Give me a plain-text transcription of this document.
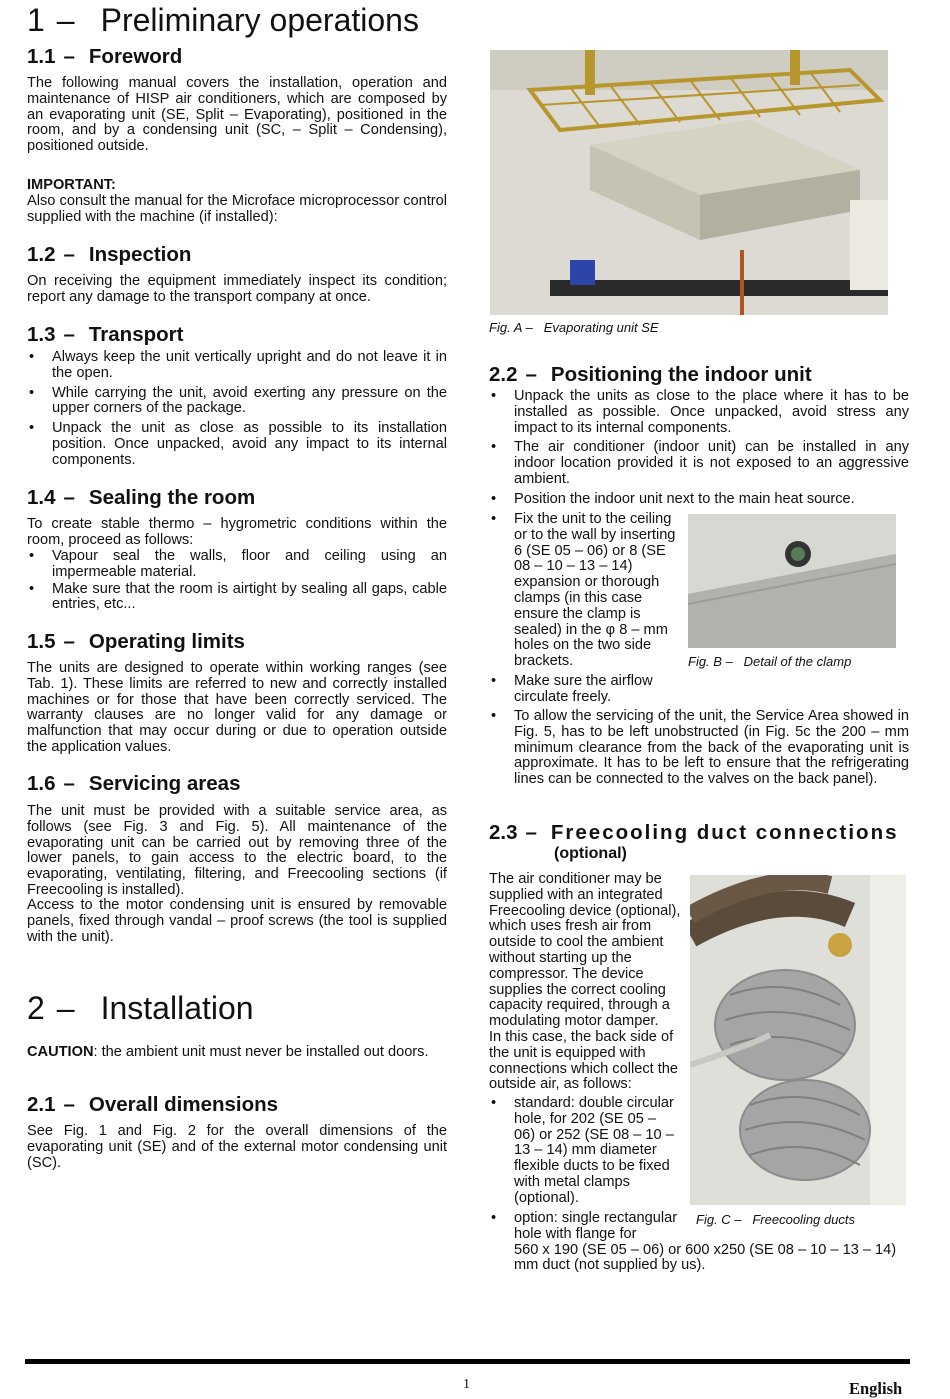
1 – Preliminary operations
1.1 – Foreword

The following manual covers the installation, operation and maintenance of HISP air conditioners, which are composed by an evaporating unit (SE, Split – Evaporating), positioned in the room, and by a condensing unit (SC, – Split – Condensing), positioned outside.

IMPORTANT:
Also consult the manual for the Microface microprocessor control supplied with the machine (if installed):
1.2 – Inspection

On receiving the equipment immediately inspect its condition; report any damage to the transport company at once.

1.3 – Transport
• Always keep the unit vertically upright and do not leave it in the open.
• While carrying the unit, avoid exerting any pressure on the upper corners of the package.
• Unpack the unit as close as possible to its installation position. Once unpacked, avoid any impact to its internal components.
1.4 – Sealing the room

To create stable thermo – hygrometric conditions within the room, proceed as follows:

• Vapour seal the walls, floor and ceiling using an impermeable material.
• Make sure that the room is airtight by sealing all gaps, cable entries, etc...
1.5 – Operating limits

The units are designed to operate within working ranges (see Tab. 1). These limits are referred to new and correctly installed machines or for those that have been correctly serviced. The warranty clauses are no longer valid for any damage or malfunction that may occur during or due to operation outside the application values.

1.6 – Servicing areas

The unit must be provided with a suitable service area, as follows (see Fig. 3 and Fig. 5). All maintenance of the evaporating unit can be carried out by removing three of the lower panels, to gain access to the electric board, to the evaporating, ventilating, filtering, and Freecooling sections (if Freecooling is installed).

Access to the motor condensing unit is ensured by removable panels, fixed through vandal – proof screws (the tool is supplied with the unit).

2 – Installation
CAUTION: the ambient unit must never be installed out doors.
2.1 – Overall dimensions

See Fig. 1 and Fig. 2 for the overall dimensions of the evaporating unit (SE) and of the external motor condensing unit (SC).

Fig. A – Evaporating unit SE
2.2 – Positioning the indoor unit
• Unpack the units as close to the place where it has to be installed as possible. Once unpacked, avoid stress any impact to its internal components.
• The air conditioner (indoor unit) can be installed in any indoor location provided it is not exposed to an aggressive ambient.
• Position the indoor unit next to the main heat source.
• Fix the unit to the ceiling or to the wall by inserting 6 (SE 05 – 06) or 8 (SE 08 – 10 – 13 – 14) expansion or thorough clamps (in this case ensure the clamp is sealed) in the φ 8 – mm holes on the two side brackets.
• Make sure the airflow circulate freely.
Fig. B – Detail of the clamp
• To allow the servicing of the unit, the Service Area showed in Fig. 5, has to be left unobstructed (in Fig. 5c the 200 – mm minimum clearance from the back of the evaporating unit is approximate. It has to be left to ensure that the refrigerating lines can be connected to the valves on the back panel).
2.3 – Freecooling duct connections
(optional)

The air conditioner may be supplied with an integrated Freecooling device (optional), which uses fresh air from outside to cool the ambient without starting up the compressor. The device supplies the correct cooling capacity required, through a modulating motor damper.

In this case, the back side of the unit is equipped with connections which collect the outside air, as follows:

• standard: double circular hole, for 202 (SE 05 – 06) or 252 (SE 08 – 10 – 13 – 14) mm diameter flexible ducts to be fixed with metal clamps (optional).
• option: single rectangular hole with flange for
560 x 190 (SE 05 – 06) or 600 x250 (SE 08 – 10 – 13 – 14) mm duct (not supplied by us).
Fig. C – Freecooling ducts
1	English
